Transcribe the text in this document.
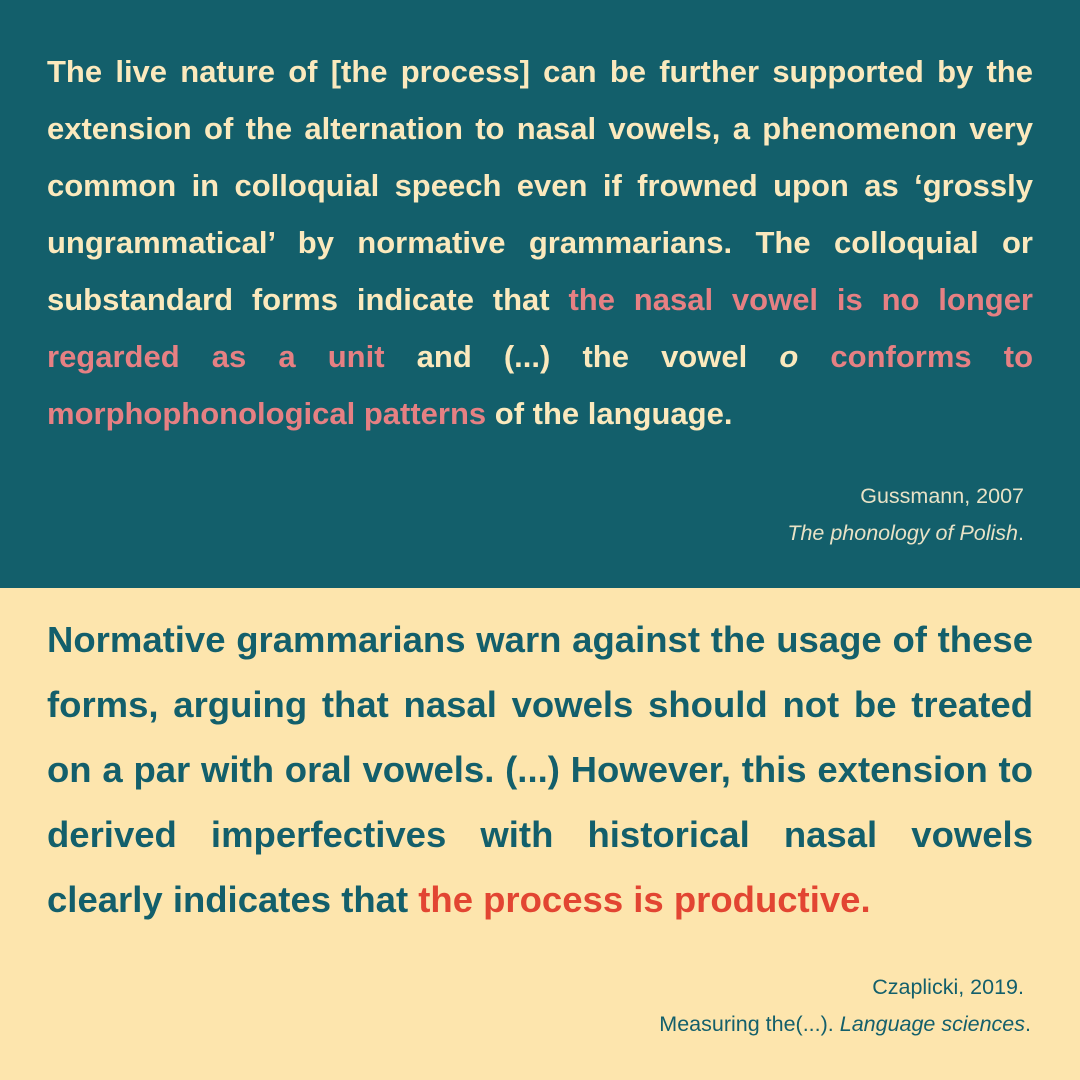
The live nature of [the process] can be further supported by the extension of the alternation to nasal vowels, a phenomenon very common in colloquial speech even if frowned upon as ‘grossly ungrammatical’ by normative grammarians. The colloquial or substandard forms indicate that the nasal vowel is no longer regarded as a unit and (...) the vowel o conforms to morphophonological patterns of the language.

Gussmann, 2007
The phonology of Polish.

Normative grammarians warn against the usage of these forms, arguing that nasal vowels should not be treated on a par with oral vowels. (...) However, this extension to derived imperfectives with historical nasal vowels clearly indicates that the process is productive.

Czaplicki, 2019.
Measuring the(...). Language sciences.
